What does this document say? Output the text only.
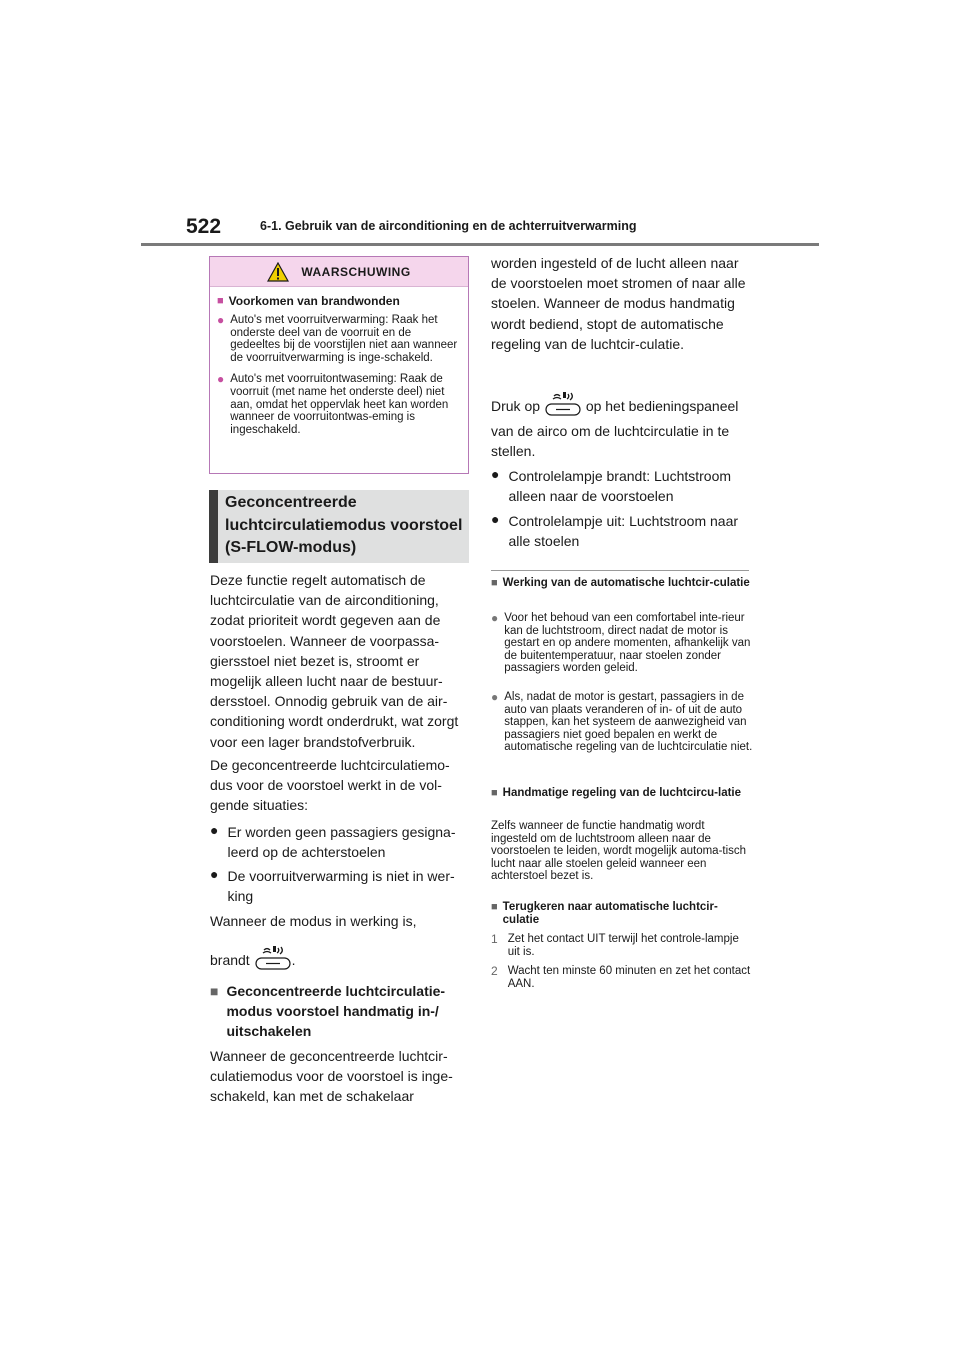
522	6-1. Gebruik van de airconditioning en de achterruitverwarming
WAARSCHUWING
■ Voorkomen van brandwonden
● Auto's met voorruitverwarming: Raak het onderste deel van de voorruit en de gedeeltes bij de voorstijlen niet aan wanneer de voorruitverwarming is inge-schakeld.
● Auto's met voorruitontwaseming: Raak de voorruit (met name het onderste deel) niet aan, omdat het oppervlak heet kan worden wanneer de voorruitontwas-eming is ingeschakeld.
Geconcentreerde luchtcirculatiemodus voorstoel (S-FLOW-modus)
Deze functie regelt automatisch de luchtcirculatie van de airconditioning, zodat prioriteit wordt gegeven aan de voorstoelen. Wanneer de voorpassa-giersstoel niet bezet is, stroomt er mogelijk alleen lucht naar de bestuur-dersstoel. Onnodig gebruik van de air-conditioning wordt onderdrukt, wat zorgt voor een lager brandstofverbruik.
De geconcentreerde luchtcirculatiemo-dus voor de voorstoel werkt in de vol-gende situaties:
● Er worden geen passagiers gesigna-leerd op de achterstoelen
● De voorruitverwarming is niet in wer-king
Wanneer de modus in werking is,
brandt	.
■ Geconcentreerde luchtcirculatie-modus voorstoel handmatig in-/ uitschakelen
Wanneer de geconcentreerde luchtcir-culatiemodus voor de voorstoel is inge-schakeld, kan met de schakelaar
worden ingesteld of de lucht alleen naar de voorstoelen moet stromen of naar alle stoelen. Wanneer de modus handmatig wordt bediend, stopt de automatische regeling van de luchtcir-culatie.
Druk op	op het bedieningspaneel
van de airco om de luchtcirculatie in te stellen.
● Controlelampje brandt: Luchtstroom alleen naar de voorstoelen
● Controlelampje uit: Luchtstroom naar alle stoelen
■ Werking van de automatische luchtcir-culatie
● Voor het behoud van een comfortabel inte-rieur kan de luchtstroom, direct nadat de motor is gestart en op andere momenten, afhankelijk van de buitentemperatuur, naar stoelen zonder passagiers worden geleid.
● Als, nadat de motor is gestart, passagiers in de auto van plaats veranderen of in- of uit de auto stappen, kan het systeem de aanwezigheid van passagiers niet goed bepalen en werkt de automatische regeling van de luchtcirculatie niet.
■ Handmatige regeling van de luchtcircu-latie
Zelfs wanneer de functie handmatig wordt ingesteld om de luchtstroom alleen naar de voorstoelen te leiden, wordt mogelijk automa-tisch lucht naar alle stoelen geleid wanneer een achterstoel bezet is.
■ Terugkeren naar automatische luchtcir-culatie
1 Zet het contact UIT terwijl het controle-lampje uit is.
2 Wacht ten minste 60 minuten en zet het contact AAN.
